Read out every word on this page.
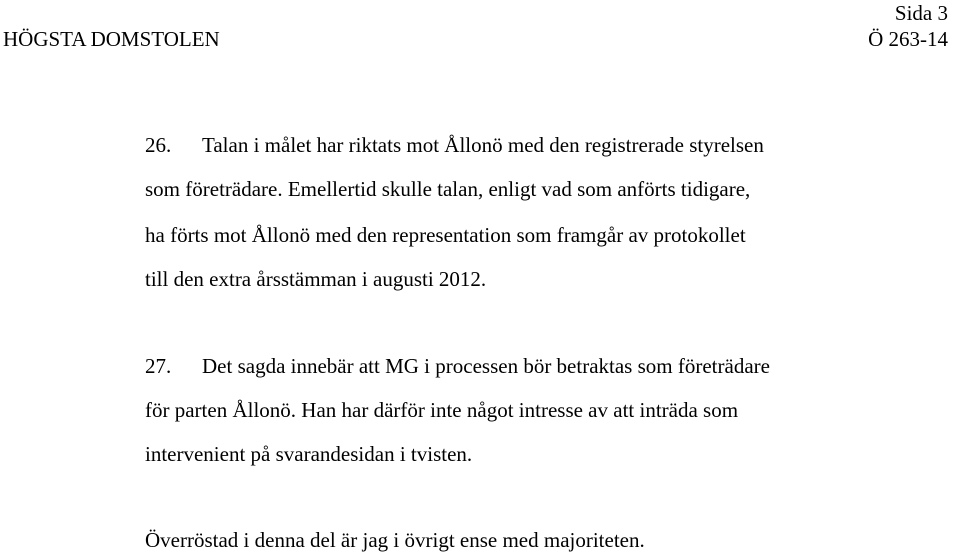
Sida 3
HÖGSTA DOMSTOLEN	Ö 263-14
26. Talan i målet har riktats mot Ållonö med den registrerade styrelsen
som företrädare. Emellertid skulle talan, enligt vad som anförts tidigare,
ha förts mot Ållonö med den representation som framgår av protokollet
till den extra årsstämman i augusti 2012.
27. Det sagda innebär att MG i processen bör betraktas som företrädare
för parten Ållonö. Han har därför inte något intresse av att inträda som
intervenient på svarandesidan i tvisten.
Överröstad i denna del är jag i övrigt ense med majoriteten.
